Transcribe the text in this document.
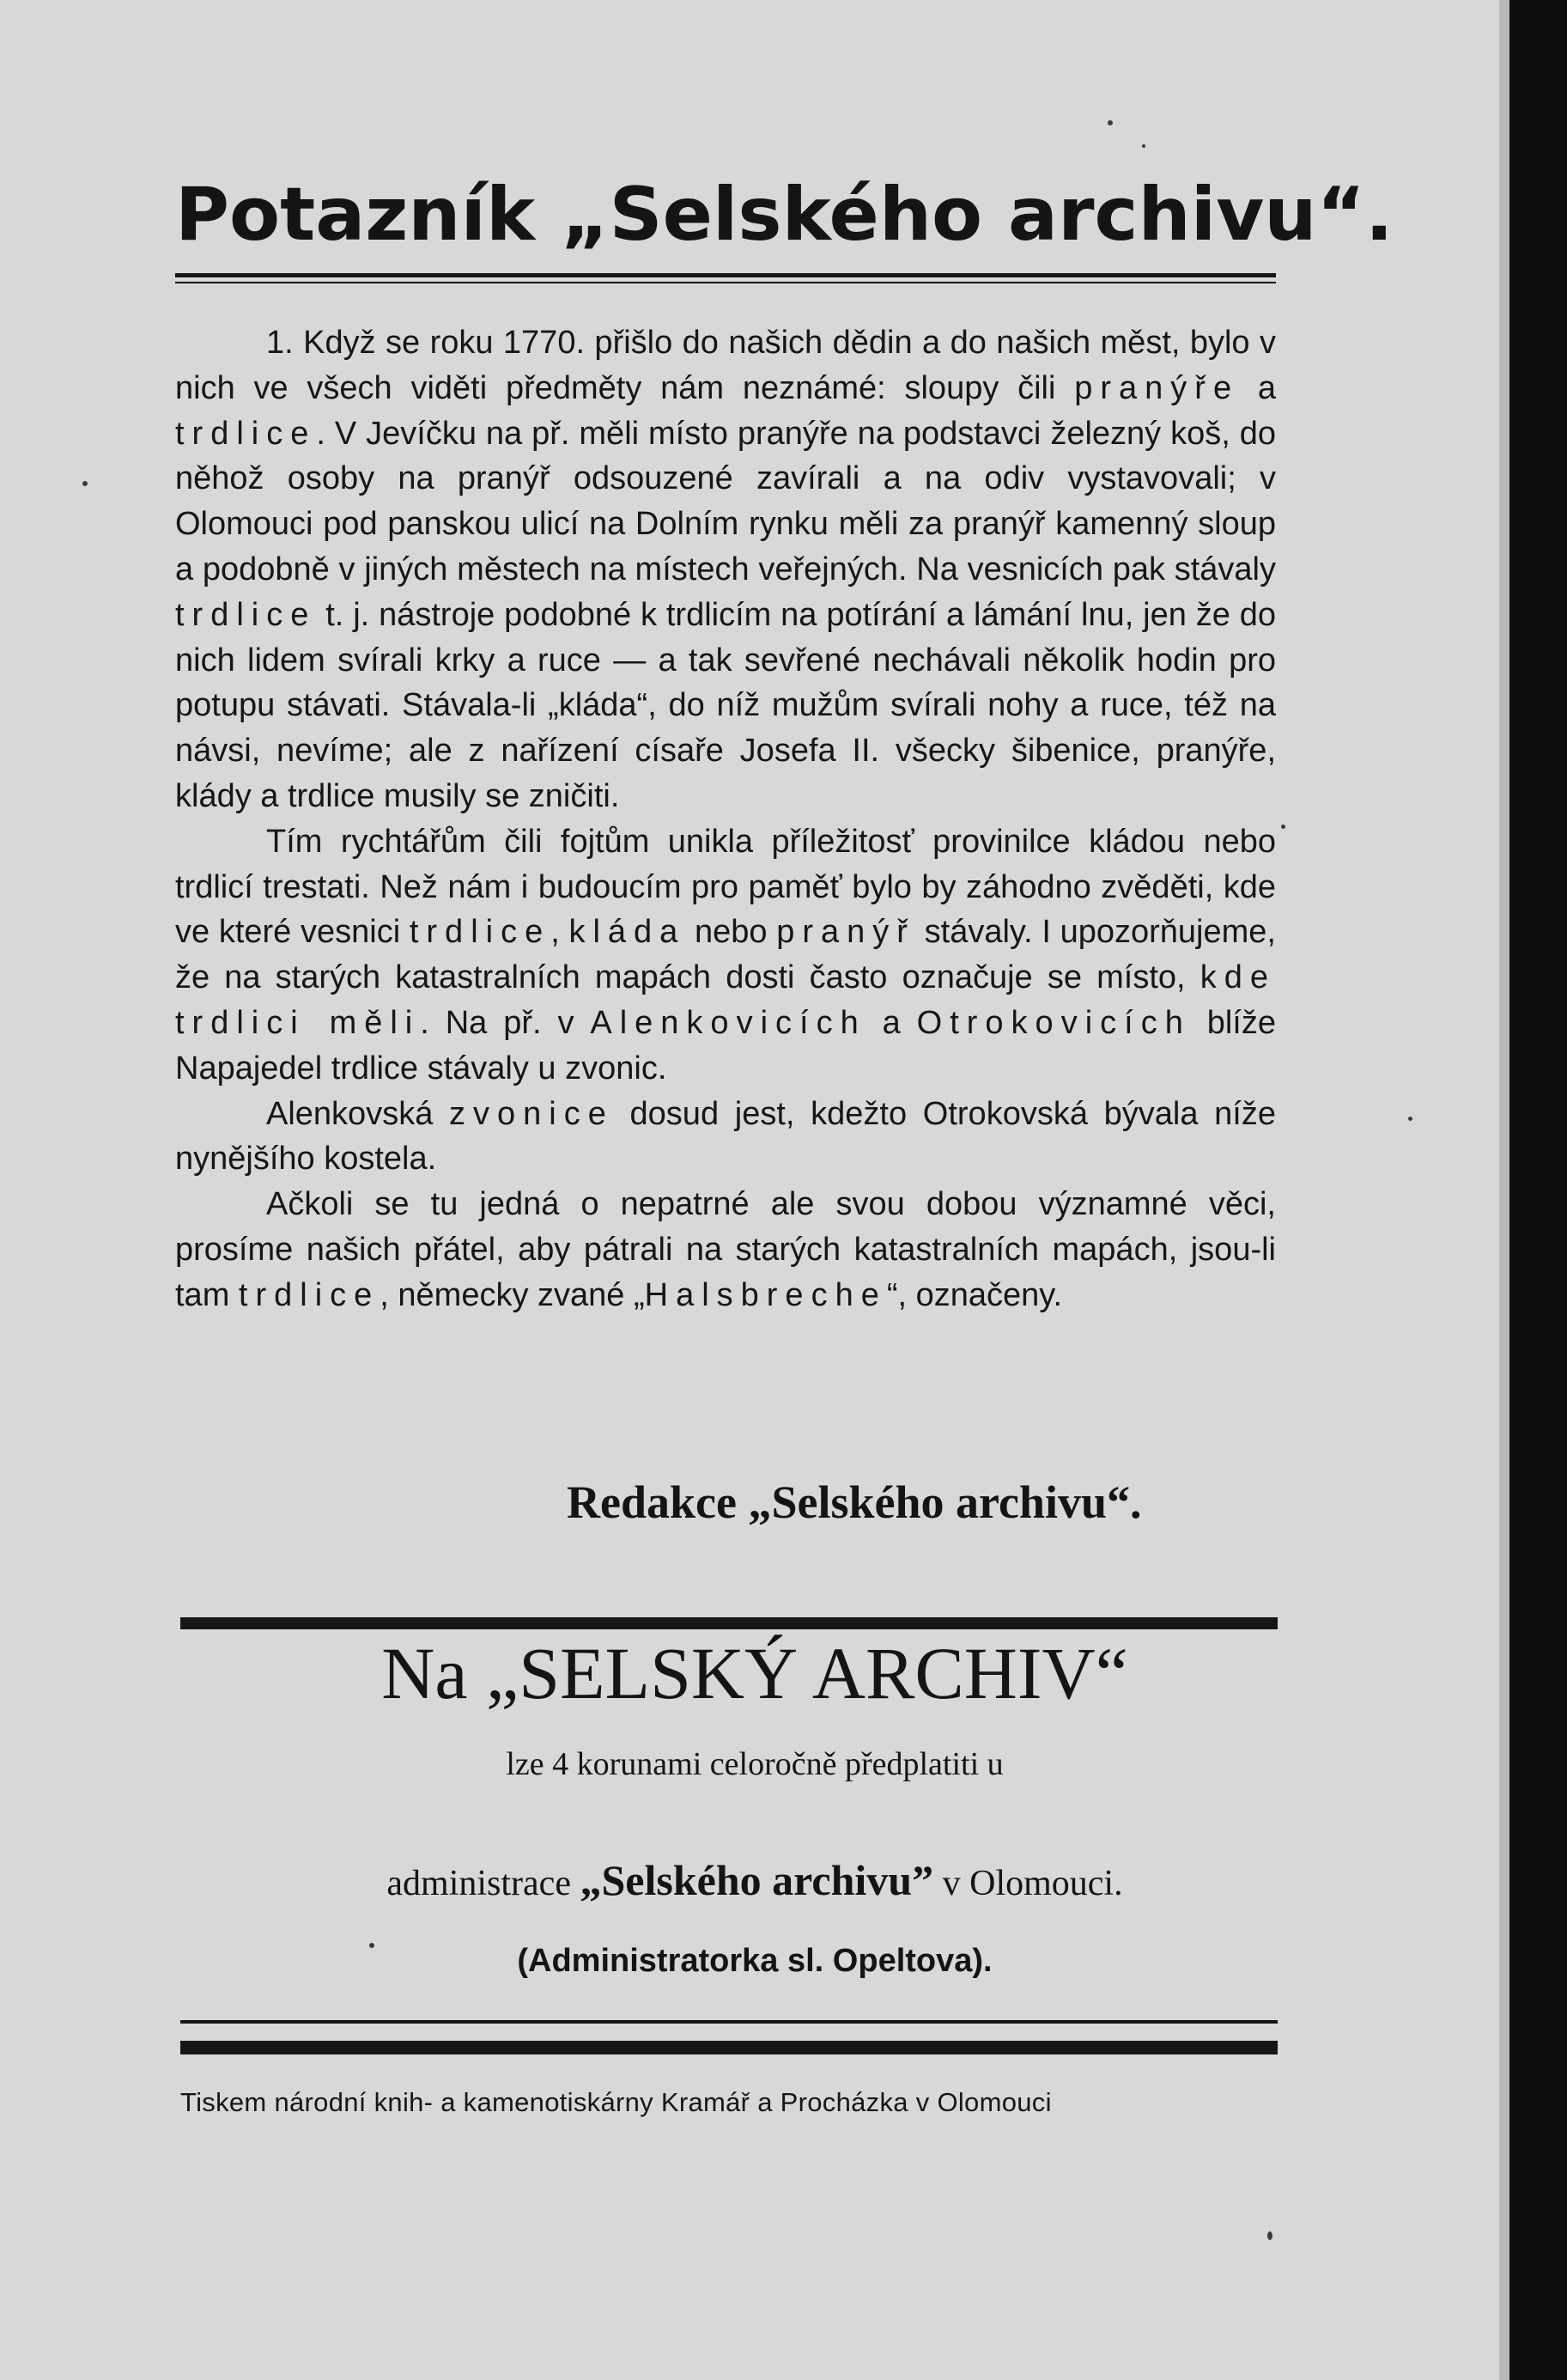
Potazník „Selského archivu“.

1. Když se roku 1770. přišlo do našich dědin a do našich měst, bylo v nich ve všech viděti předměty nám neznámé: sloupy čili pranýře a trdlice. V Jevíčku na př. měli místo pranýře na podstavci železný koš, do něhož osoby na pranýř odsouzené zavírali a na odiv vystavovali; v Olomouci pod panskou ulicí na Dolním rynku měli za pranýř kamenný sloup a podobně v jiných městech na místech veřejných. Na vesnicích pak stávaly trdlice t. j. nástroje podobné k trdlicím na potírání a lámání lnu, jen že do nich lidem svírali krky a ruce — a tak sevřené nechávali několik hodin pro potupu stávati. Stávala-li „kláda“, do níž mužům svírali nohy a ruce, též na návsi, nevíme; ale z nařízení císaře Josefa II. všecky šibenice, pranýře, klády a trdlice musily se zničiti.

Tím rychtářům čili fojtům unikla příležitosť provinilce kládou nebo trdlicí trestati. Než nám i budoucím pro paměť bylo by záhodno zvěděti, kde ve které vesnici trdlice, kláda nebo pranýř stávaly. I upozorňujeme, že na starých katastralních mapách dosti často označuje se místo, kde trdlici měli. Na př. v Alenkovicích a Otrokovicích blíže Napajedel trdlice stávaly u zvonic.

Alenkovská zvonice dosud jest, kdežto Otrokovská bývala níže nynějšího kostela.

Ačkoli se tu jedná o nepatrné ale svou dobou významné věci, prosíme našich přátel, aby pátrali na starých katastralních mapách, jsou-li tam trdlice, německy zvané „Halsbreche“, označeny.

Redakce „Selského archivu“.
Na „SELSKÝ ARCHIV“
lze 4 korunami celoročně předplatiti u
administrace „Selského archivu” v Olomouci.
(Administratorka sl. Opeltova).
Tiskem národní knih- a kamenotiskárny Kramář a Procházka v Olomouci
